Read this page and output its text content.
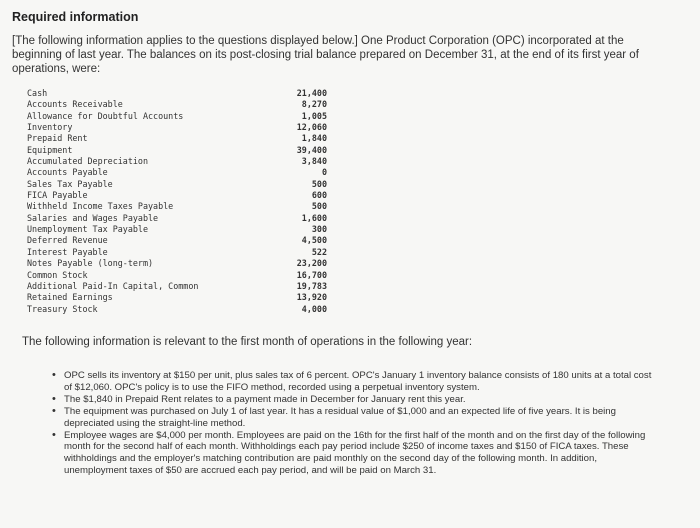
Required information
[The following information applies to the questions displayed below.] One Product Corporation (OPC) incorporated at the beginning of last year. The balances on its post-closing trial balance prepared on December 31, at the end of its first year of operations, were:
Cash	21,400
Accounts Receivable	8,270
Allowance for Doubtful Accounts	1,005
Inventory	12,060
Prepaid Rent	1,840
Equipment	39,400
Accumulated Depreciation	3,840
Accounts Payable	0
Sales Tax Payable	500
FICA Payable	600
Withheld Income Taxes Payable	500
Salaries and Wages Payable	1,600
Unemployment Tax Payable	300
Deferred Revenue	4,500
Interest Payable	522
Notes Payable (long-term)	23,200
Common Stock	16,700
Additional Paid-In Capital, Common	19,783
Retained Earnings	13,920
Treasury Stock	4,000
The following information is relevant to the first month of operations in the following year:
• OPC sells its inventory at $150 per unit, plus sales tax of 6 percent. OPC's January 1 inventory balance consists of 180 units at a total cost of $12,060. OPC's policy is to use the FIFO method, recorded using a perpetual inventory system.
• The $1,840 in Prepaid Rent relates to a payment made in December for January rent this year.
• The equipment was purchased on July 1 of last year. It has a residual value of $1,000 and an expected life of five years. It is being depreciated using the straight-line method.
• Employee wages are $4,000 per month. Employees are paid on the 16th for the first half of the month and on the first day of the following month for the second half of each month. Withholdings each pay period include $250 of income taxes and $150 of FICA taxes. These withholdings and the employer's matching contribution are paid monthly on the second day of the following month. In addition, unemployment taxes of $50 are accrued each pay period, and will be paid on March 31.
